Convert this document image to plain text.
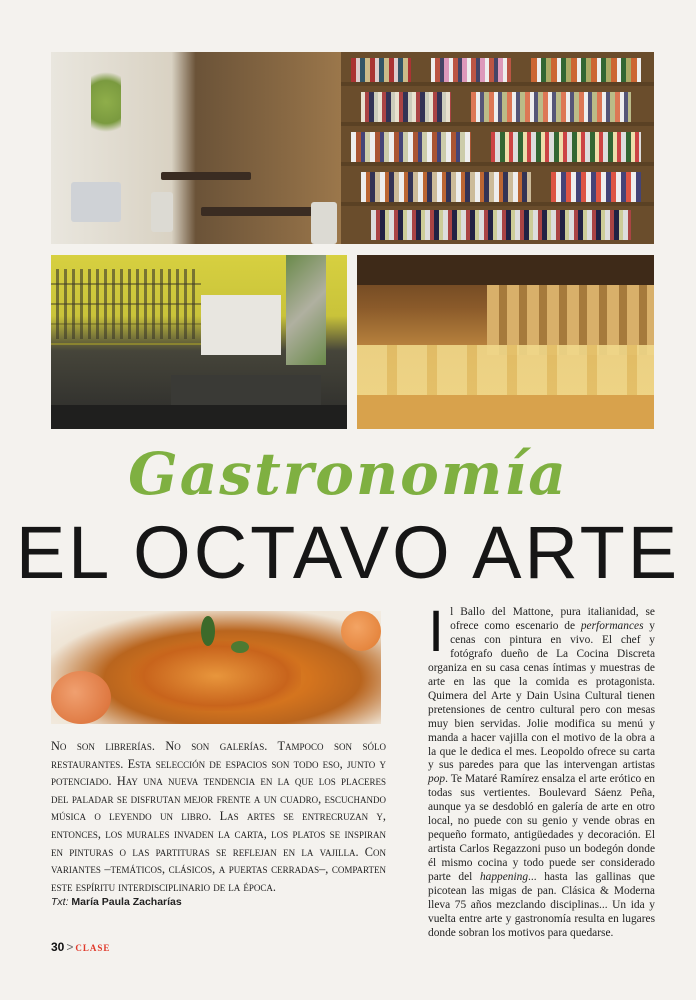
Gastronomía
EL OCTAVO ARTE

No son librerías. No son galerías. Tampoco son sólo restaurantes. Esta selección de espacios son todo eso, junto y potenciado. Hay una nueva tendencia en la que los placeres del paladar se disfrutan mejor frente a un cuadro, escuchando música o leyendo un libro. Las artes se entrecruzan y, entonces, los murales invaden la carta, los platos se inspiran en pinturas o las partituras se reflejan en la vajilla. Con variantes –temáticos, clásicos, a puertas cerradas–, comparten este espíritu interdisciplinario de la época.

Txt: María Paula Zacharías
Il Ballo del Mattone, pura italianidad, se ofrece como escenario de performances y cenas con pintura en vivo. El chef y fotógrafo dueño de La Cocina Discreta organiza en su casa cenas íntimas y muestras de arte en las que la comida es protagonista. Quimera del Arte y Dain Usina Cultural tienen pretensiones de centro cultural pero con mesas muy bien servidas. Jolie modifica su menú y manda a hacer vajilla con el motivo de la obra a la que le dedica el mes. Leopoldo ofrece su carta y sus paredes para que las intervengan artistas pop. Te Mataré Ramírez ensalza el arte erótico en todas sus vertientes. Boulevard Sáenz Peña, aunque ya se desdobló en galería de arte en otro local, no puede con su genio y vende obras en pequeño formato, antigüedades y decoración. El artista Carlos Regazzoni puso un bodegón donde él mismo cocina y todo puede ser considerado parte del happening... hasta las gallinas que picotean las migas de pan. Clásica & Moderna lleva 75 años mezclando disciplinas... Un ida y vuelta entre arte y gastronomía resulta en lugares donde sobran los motivos para quedarse.
30 > CLASE
